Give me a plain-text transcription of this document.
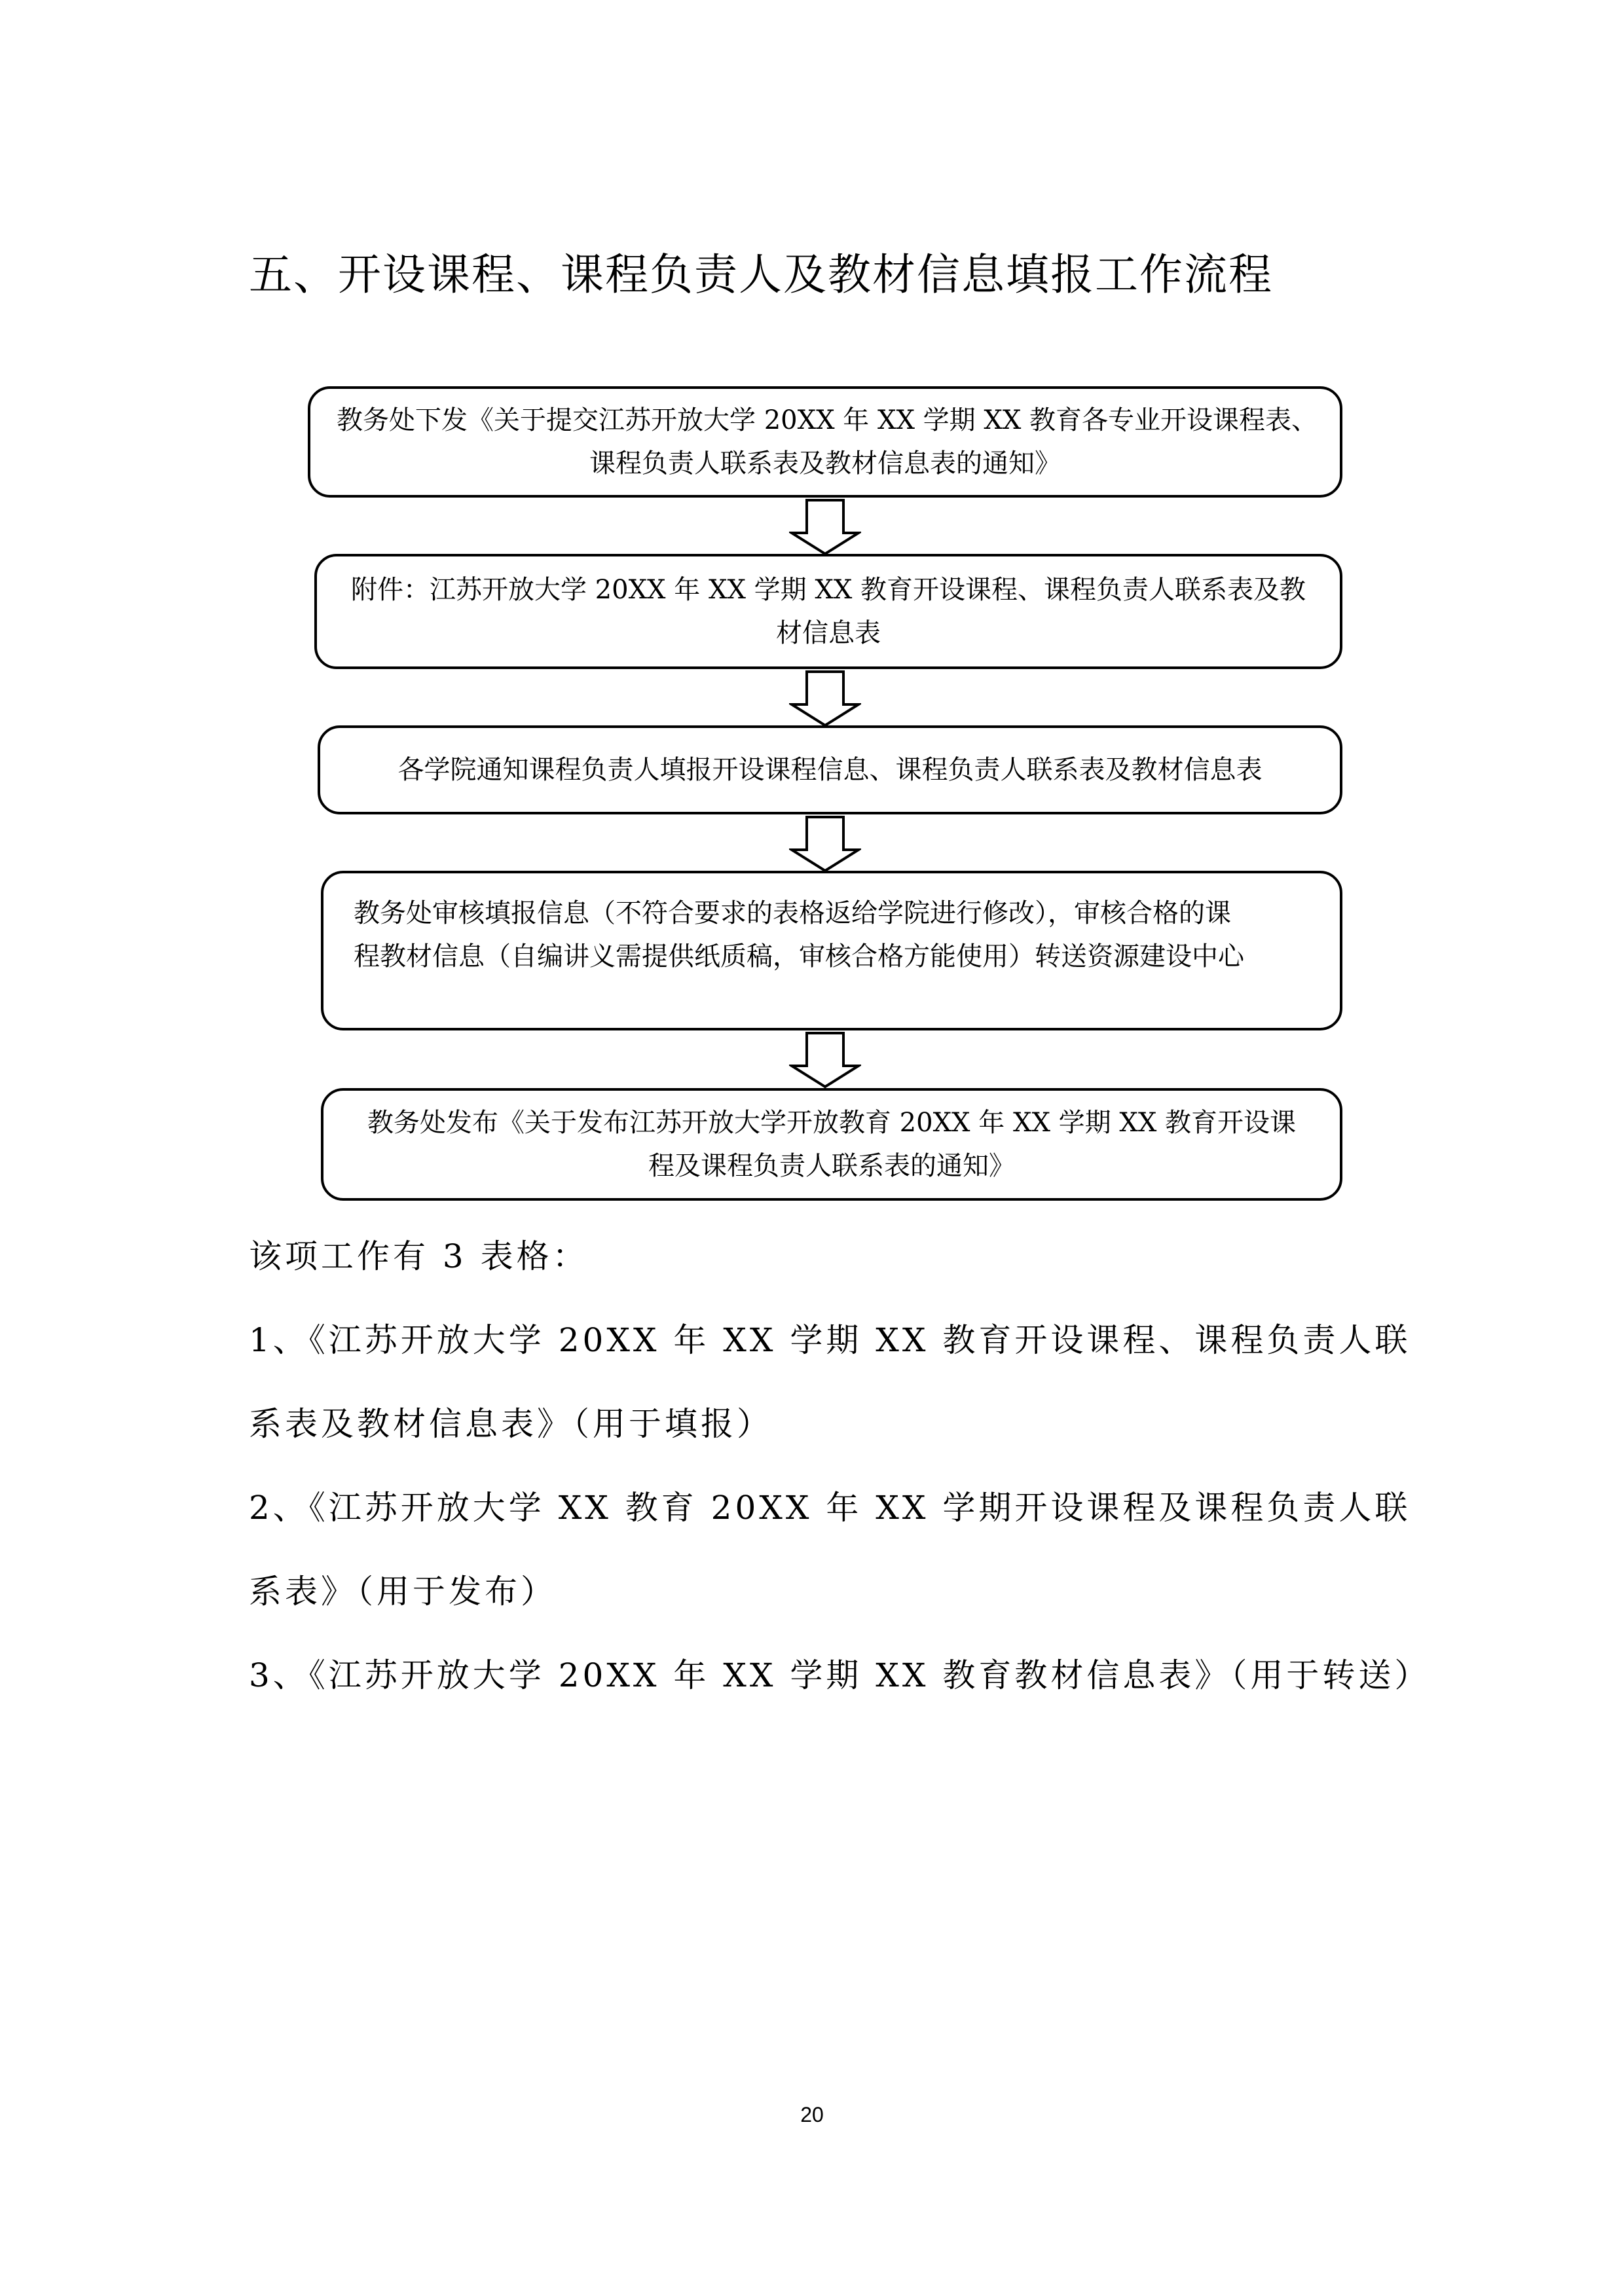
五、开设课程、课程负责人及教材信息填报工作流程
教务处下发《关于提交江苏开放大学 20XX 年 XX 学期 XX 教育各专业开设课程表、
课程负责人联系表及教材信息表的通知》
附件：江苏开放大学 20XX 年 XX 学期 XX 教育开设课程、课程负责人联系表及教
材信息表
各学院通知课程负责人填报开设课程信息、课程负责人联系表及教材信息表
教务处审核填报信息（不符合要求的表格返给学院进行修改），审核合格的课
程教材信息（自编讲义需提供纸质稿，审核合格方能使用）转送资源建设中心
教务处发布《关于发布江苏开放大学开放教育 20XX 年 XX 学期 XX 教育开设课
程及课程负责人联系表的通知》
该项工作有 3 表格：
1、《江苏开放大学 20XX 年 XX 学期 XX 教育开设课程、课程负责人联
系表及教材信息表》（用于填报）
2、《江苏开放大学 XX 教育 20XX 年 XX 学期开设课程及课程负责人联
系表》（用于发布）
3、《江苏开放大学 20XX 年 XX 学期 XX 教育教材信息表》（用于转送）
20
